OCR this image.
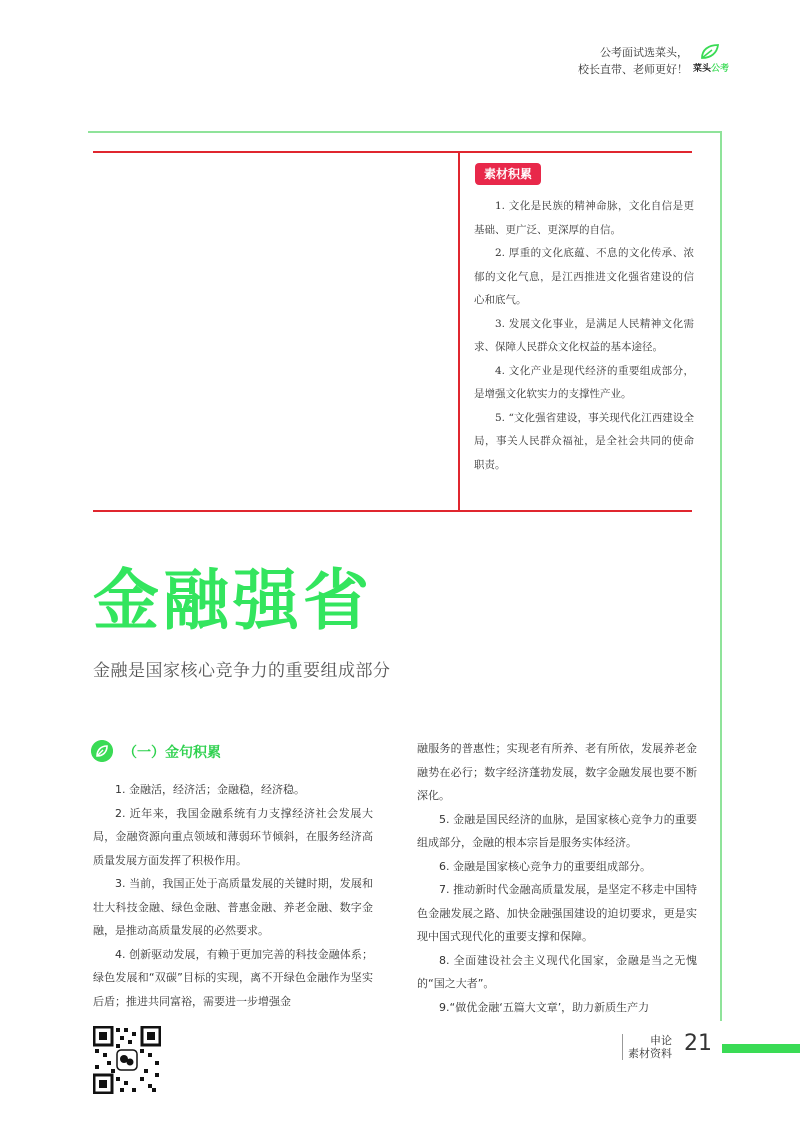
公考面试选菜头，
校长直带、老师更好！ 菜头公考
素材积累
1. 文化是民族的精神命脉，文化自信是更基础、更广泛、更深厚的自信。
2. 厚重的文化底蕴、不息的文化传承、浓郁的文化气息，是江西推进文化强省建设的信心和底气。
3. 发展文化事业，是满足人民精神文化需求、保障人民群众文化权益的基本途径。
4. 文化产业是现代经济的重要组成部分，是增强文化软实力的支撑性产业。
5. “文化强省建设，事关现代化江西建设全局，事关人民群众福祉，是全社会共同的使命职责。
金融强省
金融是国家核心竞争力的重要组成部分
（一）金句积累

1. 金融活，经济活；金融稳，经济稳。

2. 近年来，我国金融系统有力支撑经济社会发展大局，金融资源向重点领域和薄弱环节倾斜，在服务经济高质量发展方面发挥了积极作用。

3. 当前，我国正处于高质量发展的关键时期，发展和壮大科技金融、绿色金融、普惠金融、养老金融、数字金融，是推动高质量发展的必然要求。

4. 创新驱动发展，有赖于更加完善的科技金融体系；绿色发展和“双碳”目标的实现，离不开绿色金融作为坚实后盾；推进共同富裕，需要进一步增强金

融服务的普惠性；实现老有所养、老有所依，发展养老金融势在必行；数字经济蓬勃发展，数字金融发展也要不断深化。

5. 金融是国民经济的血脉，是国家核心竞争力的重要组成部分，金融的根本宗旨是服务实体经济。

6. 金融是国家核心竞争力的重要组成部分。

7. 推动新时代金融高质量发展，是坚定不移走中国特色金融发展之路、加快金融强国建设的迫切要求，更是实现中国式现代化的重要支撑和保障。

8. 全面建设社会主义现代化国家，金融是当之无愧的“国之大者”。

9.“做优金融‘五篇大文章’，助力新质生产力

申论
素材资料 21
